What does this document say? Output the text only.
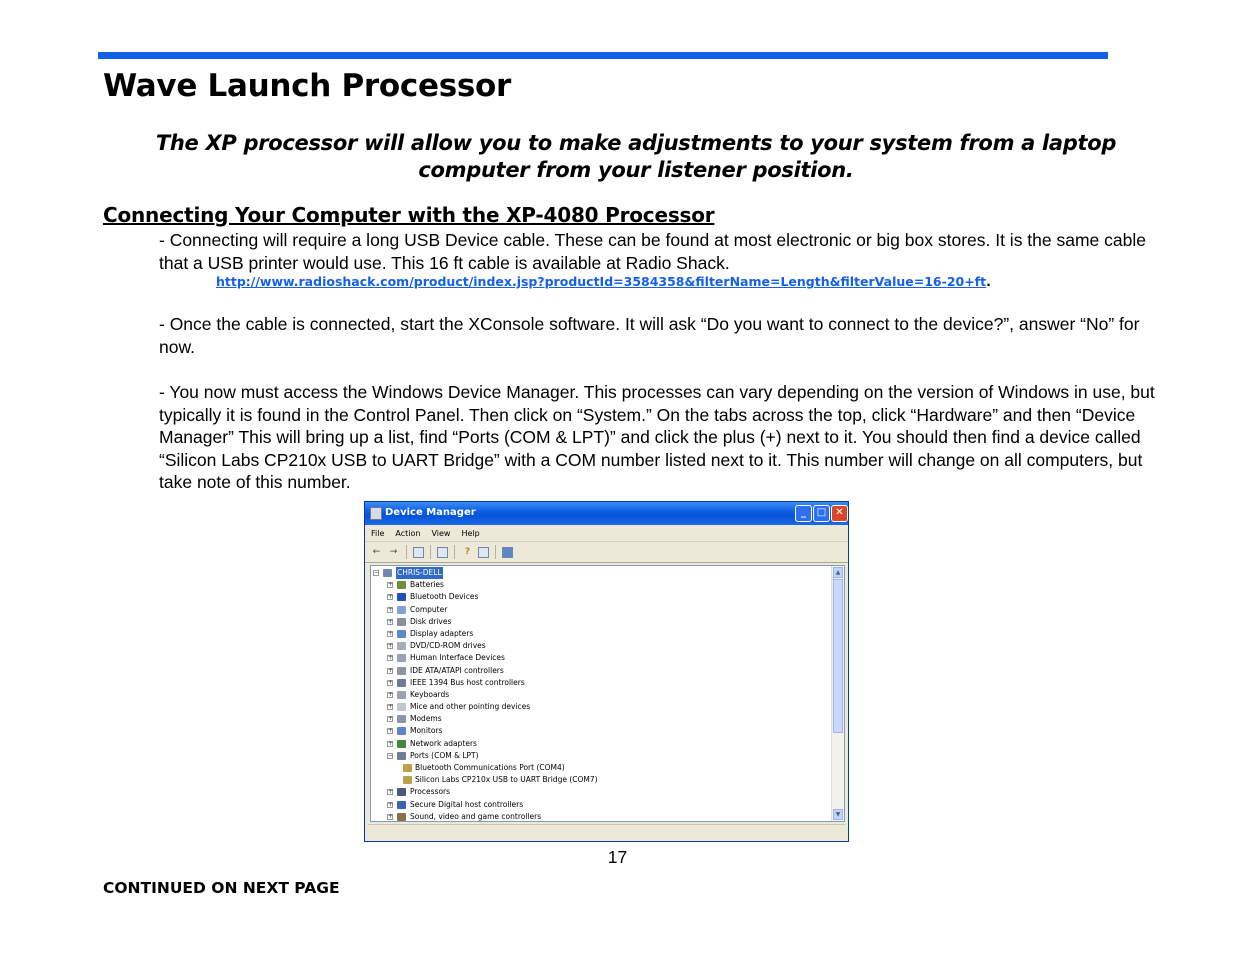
Wave Launch Processor
The XP processor will allow you to make adjustments to your system from a laptop computer from your listener position.
Connecting Your Computer with the XP-4080 Processor
- Connecting will require a long USB Device cable. These can be found at most electronic or big box stores. It is the same cable that a USB printer would use. This 16 ft cable is available at Radio Shack.
http://www.radioshack.com/product/index.jsp?productId=3584358&filterName=Length&filterValue=16-20+ft.
- Once the cable is connected, start the XConsole software. It will ask “Do you want to connect to the device?”, answer “No” for now.
- You now must access the Windows Device Manager. This processes can vary depending on the version of Windows in use, but typically it is found in the Control Panel. Then click on “System.” On the tabs across the top, click “Hardware” and then “Device Manager” This will bring up a list, find “Ports (COM & LPT)” and click the plus (+) next to it. You should then find a device called “Silicon Labs CP210x USB to UART Bridge” with a COM number listed next to it. This number will change on all computers, but take note of this number.
Device Manager	_	□ ✕
File Action View Help
←	→	?
− CHRIS-DELL
+ Batteries
+ Bluetooth Devices
+ Computer
+ Disk drives
+ Display adapters
+ DVD/CD-ROM drives
+ Human Interface Devices
+ IDE ATA/ATAPI controllers
+ IEEE 1394 Bus host controllers
+ Keyboards
+ Mice and other pointing devices
+ Modems
+ Monitors
+ Network adapters
− Ports (COM & LPT)
Bluetooth Communications Port (COM4)
Silicon Labs CP210x USB to UART Bridge (COM7)
+ Processors
+ Secure Digital host controllers
+ Sound, video and game controllers
▲
▼
17
CONTINUED ON NEXT PAGE
